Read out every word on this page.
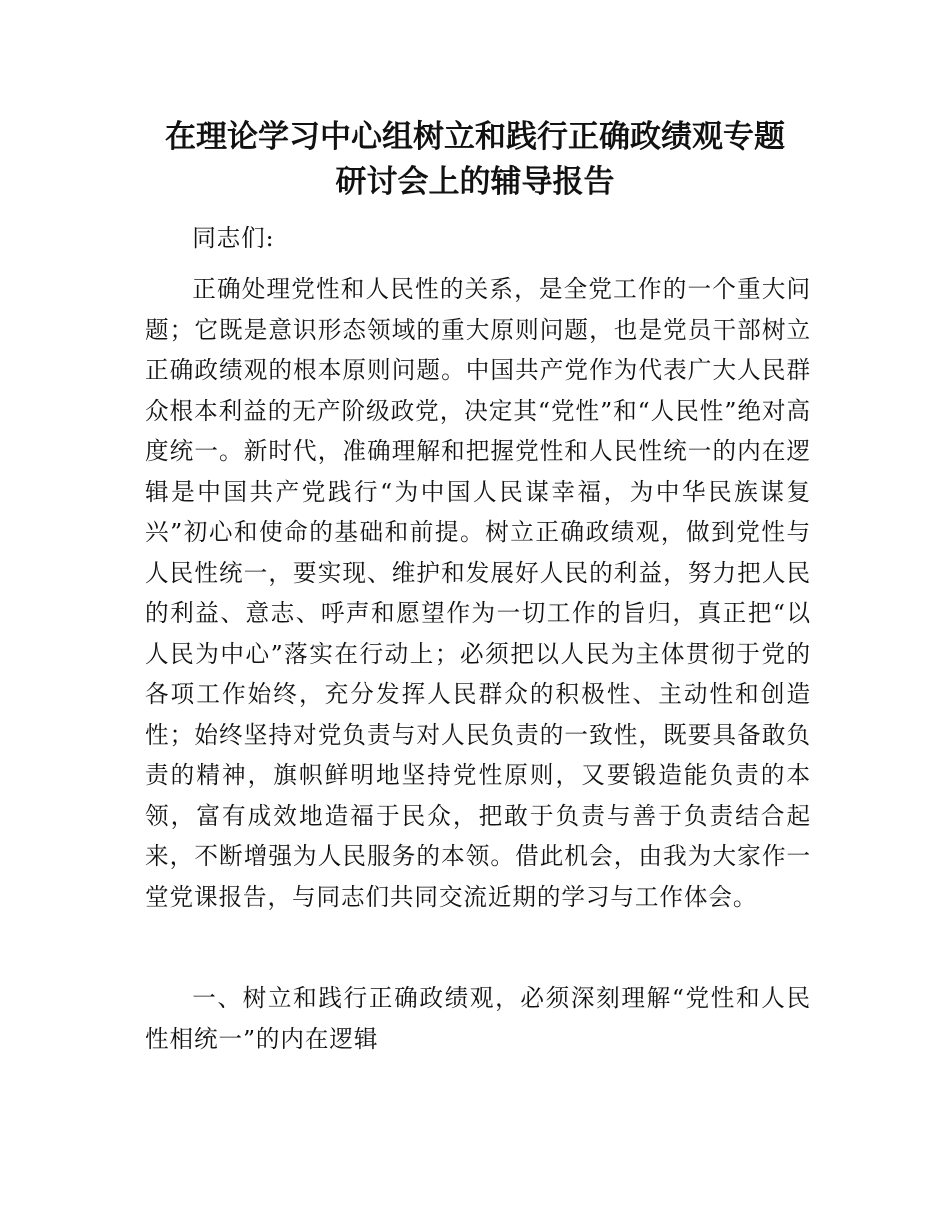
在理论学习中心组树立和践行正确政绩观专题
研讨会上的辅导报告

同志们:

正确处理党性和人民性的关系，是全党工作的一个重大问题；它既是意识形态领域的重大原则问题，也是党员干部树立正确政绩观的根本原则问题。中国共产党作为代表广大人民群众根本利益的无产阶级政党，决定其“党性”和“人民性”绝对高度统一。新时代，准确理解和把握党性和人民性统一的内在逻辑是中国共产党践行“为中国人民谋幸福，为中华民族谋复兴”初心和使命的基础和前提。树立正确政绩观，做到党性与人民性统一，要实现、维护和发展好人民的利益，努力把人民的利益、意志、呼声和愿望作为一切工作的旨归，真正把“以人民为中心”落实在行动上；必须把以人民为主体贯彻于党的各项工作始终，充分发挥人民群众的积极性、主动性和创造性；始终坚持对党负责与对人民负责的一致性，既要具备敢负责的精神，旗帜鲜明地坚持党性原则，又要锻造能负责的本领，富有成效地造福于民众，把敢于负责与善于负责结合起来，不断增强为人民服务的本领。借此机会，由我为大家作一堂党课报告，与同志们共同交流近期的学习与工作体会。

一、树立和践行正确政绩观，必须深刻理解“党性和人民性相统一”的内在逻辑
